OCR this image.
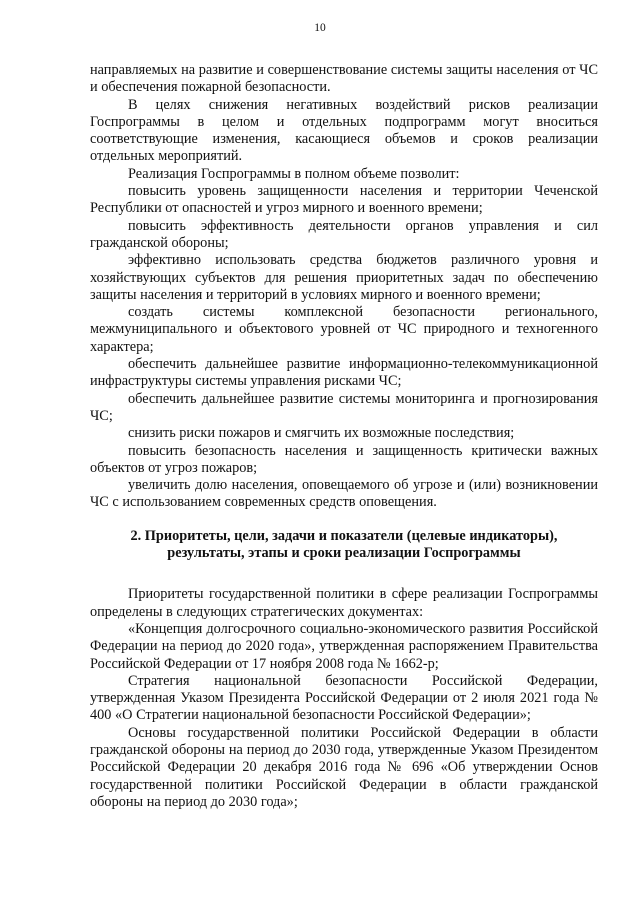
10

направляемых на развитие и совершенствование системы защиты населения от ЧС и обеспечения пожарной безопасности.

В целях снижения негативных воздействий рисков реализации Госпрограммы в целом и отдельных подпрограмм могут вноситься соответствующие изменения, касающиеся объемов и сроков реализации отдельных мероприятий.

Реализация Госпрограммы в полном объеме позволит:

повысить уровень защищенности населения и территории Чеченской Республики от опасностей и угроз мирного и военного времени;

повысить эффективность деятельности органов управления и сил гражданской обороны;

эффективно использовать средства бюджетов различного уровня и хозяйствующих субъектов для решения приоритетных задач по обеспечению защиты населения и территорий в условиях мирного и военного времени;

создать системы комплексной безопасности регионального, межмуниципального и объектового уровней от ЧС природного и техногенного характера;

обеспечить дальнейшее развитие информационно-телекоммуникационной инфраструктуры системы управления рисками ЧС;

обеспечить дальнейшее развитие системы мониторинга и прогнозирования ЧС;

снизить риски пожаров и смягчить их возможные последствия;

повысить безопасность населения и защищенность критически важных объектов от угроз пожаров;

увеличить долю населения, оповещаемого об угрозе и (или) возникновении ЧС с использованием современных средств оповещения.

2. Приоритеты, цели, задачи и показатели (целевые индикаторы), результаты, этапы и сроки реализации Госпрограммы

Приоритеты государственной политики в сфере реализации Госпрограммы определены в следующих стратегических документах:

«Концепция долгосрочного социально-экономического развития Российской Федерации на период до 2020 года», утвержденная распоряжением Правительства Российской Федерации от 17 ноября 2008 года № 1662-р;

Стратегия национальной безопасности Российской Федерации, утвержденная Указом Президента Российской Федерации от 2 июля 2021 года № 400 «О Стратегии национальной безопасности Российской Федерации»;

Основы государственной политики Российской Федерации в области гражданской обороны на период до 2030 года, утвержденные Указом Президентом Российской Федерации 20 декабря 2016 года № 696 «Об утверждении Основ государственной политики Российской Федерации в области гражданской обороны на период до 2030 года»;
